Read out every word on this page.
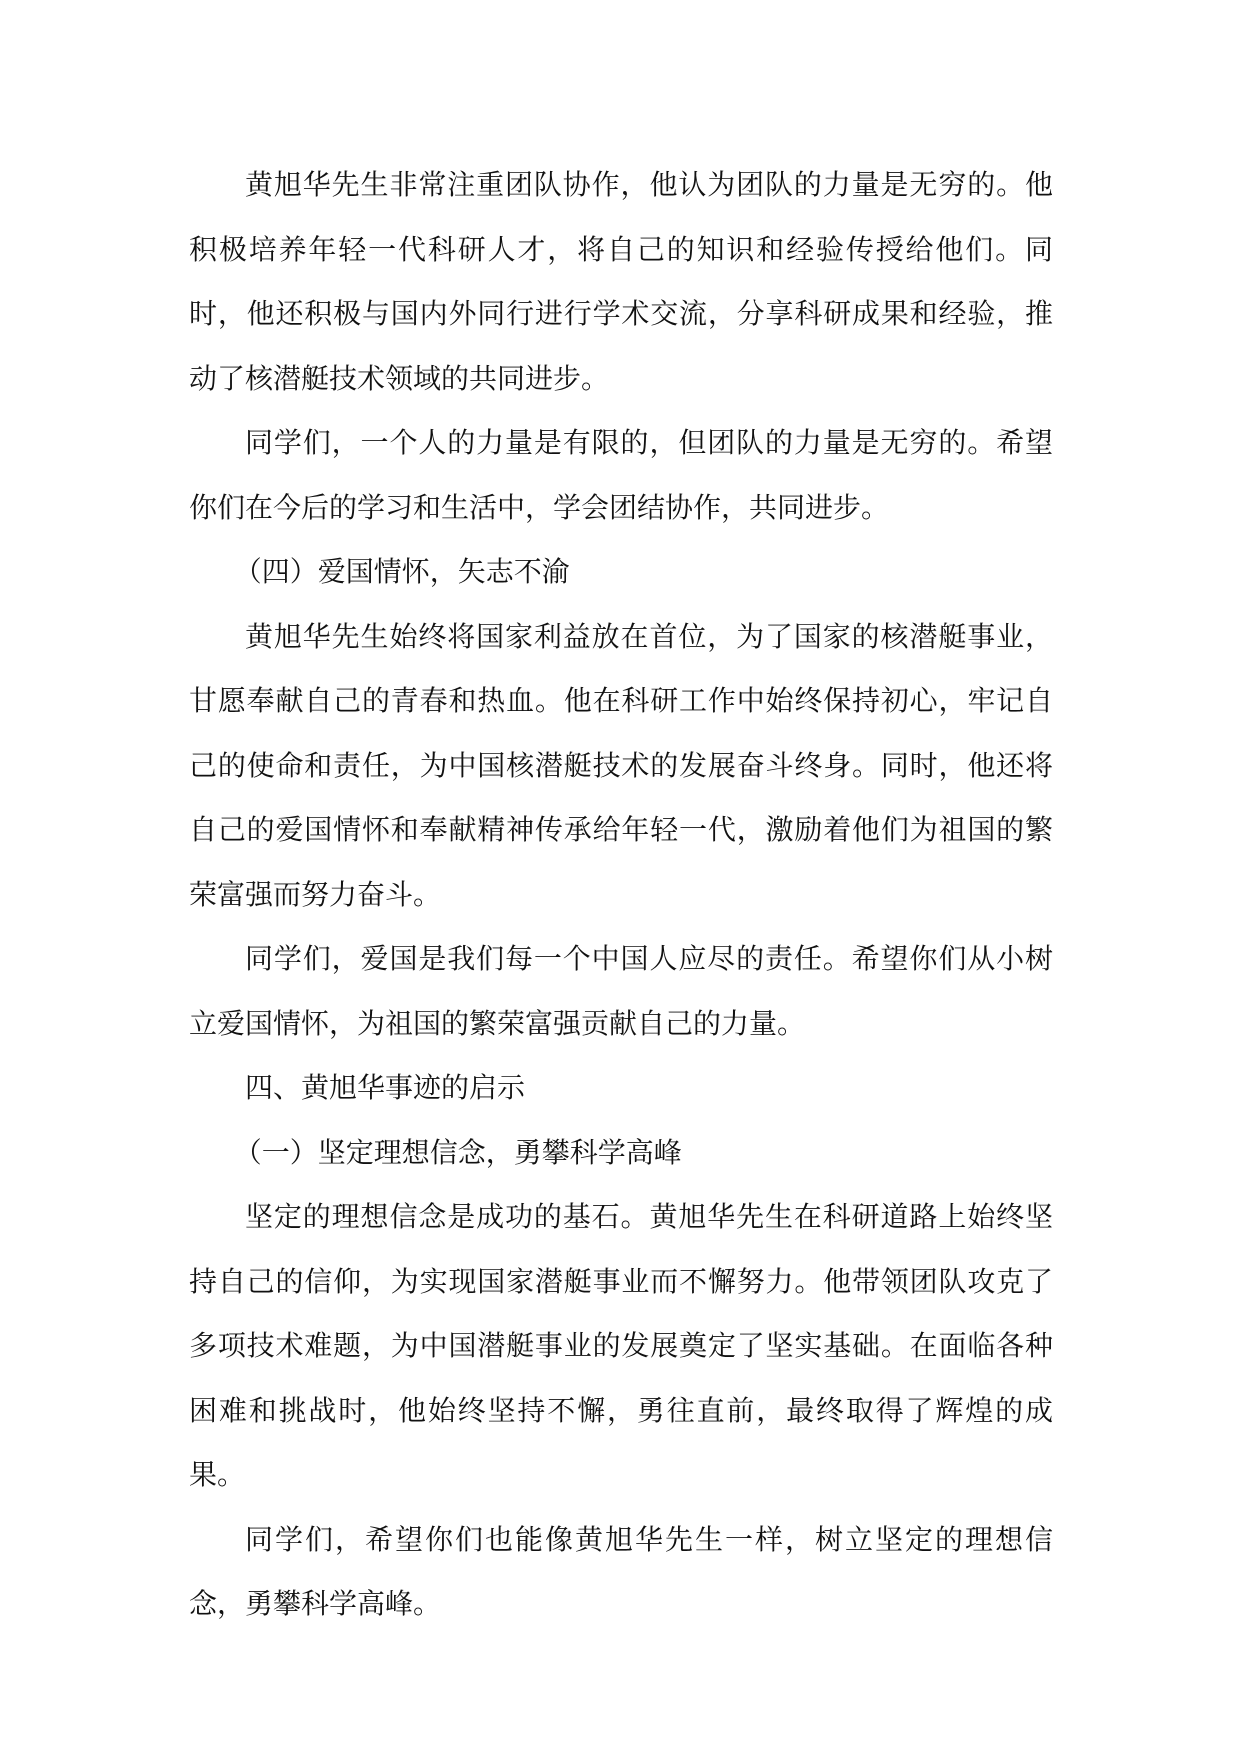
黄旭华先生非常注重团队协作，他认为团队的力量是无穷的。他积极培养年轻一代科研人才，将自己的知识和经验传授给他们。同时，他还积极与国内外同行进行学术交流，分享科研成果和经验，推动了核潜艇技术领域的共同进步。

同学们，一个人的力量是有限的，但团队的力量是无穷的。希望你们在今后的学习和生活中，学会团结协作，共同进步。

（四）爱国情怀，矢志不渝

黄旭华先生始终将国家利益放在首位，为了国家的核潜艇事业，甘愿奉献自己的青春和热血。他在科研工作中始终保持初心，牢记自己的使命和责任，为中国核潜艇技术的发展奋斗终身。同时，他还将自己的爱国情怀和奉献精神传承给年轻一代，激励着他们为祖国的繁荣富强而努力奋斗。

同学们，爱国是我们每一个中国人应尽的责任。希望你们从小树立爱国情怀，为祖国的繁荣富强贡献自己的力量。

四、黄旭华事迹的启示

（一）坚定理想信念，勇攀科学高峰

坚定的理想信念是成功的基石。黄旭华先生在科研道路上始终坚持自己的信仰，为实现国家潜艇事业而不懈努力。他带领团队攻克了多项技术难题，为中国潜艇事业的发展奠定了坚实基础。在面临各种困难和挑战时，他始终坚持不懈，勇往直前，最终取得了辉煌的成果。

同学们，希望你们也能像黄旭华先生一样，树立坚定的理想信念，勇攀科学高峰。
